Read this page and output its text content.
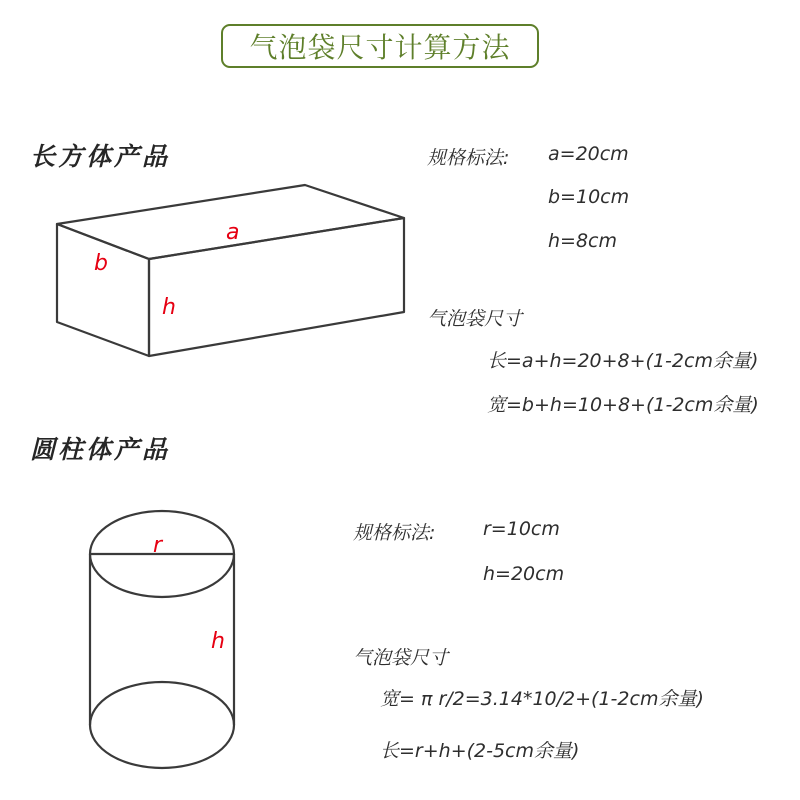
气泡袋尺寸计算方法
长方体产品
a
b
h
r
h
规格标法: a=20cm
b=10cm
h=8cm
气泡袋尺寸
长=a+h=20+8+(1-2cm余量)
宽=b+h=10+8+(1-2cm余量)
圆柱体产品
规格标法:	r=10cm
h=20cm
气泡袋尺寸
宽= π r/2=3.14*10/2+(1-2cm余量)
长=r+h+(2-5cm余量)
